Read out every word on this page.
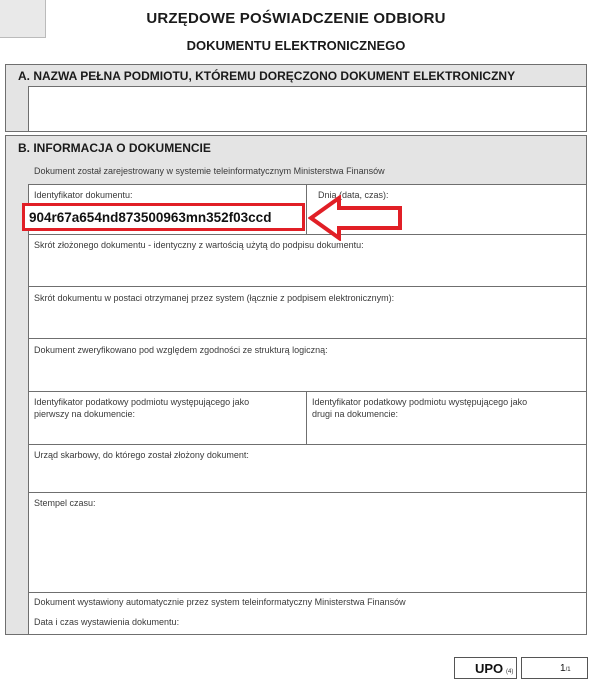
URZĘDOWE POŚWIADCZENIE ODBIORU
DOKUMENTU ELEKTRONICZNEGO
A. NAZWA PEŁNA PODMIOTU, KTÓREMU DORĘCZONO DOKUMENT ELEKTRONICZNY
B. INFORMACJA O DOKUMENCIE
Dokument został zarejestrowany w systemie teleinformatycznym Ministerstwa Finansów
Identyfikator dokumentu:	Dnia (data, czas):
Skrót złożonego dokumentu - identyczny z wartością użytą do podpisu dokumentu:
Skrót dokumentu w postaci otrzymanej przez system (łącznie z podpisem elektronicznym):
Dokument zweryfikowano pod względem zgodności ze strukturą logiczną:
Identyfikator podatkowy podmiotu występującego jako
pierwszy na dokumencie:
Identyfikator podatkowy podmiotu występującego jako
drugi na dokumencie:
Urząd skarbowy, do którego został złożony dokument:
Stempel czasu:
Dokument wystawiony automatycznie przez system teleinformatyczny Ministerstwa Finansów
Data i czas wystawienia dokumentu:
904r67a654nd873500963mn352f03ccd
UPO (4)	1/1
